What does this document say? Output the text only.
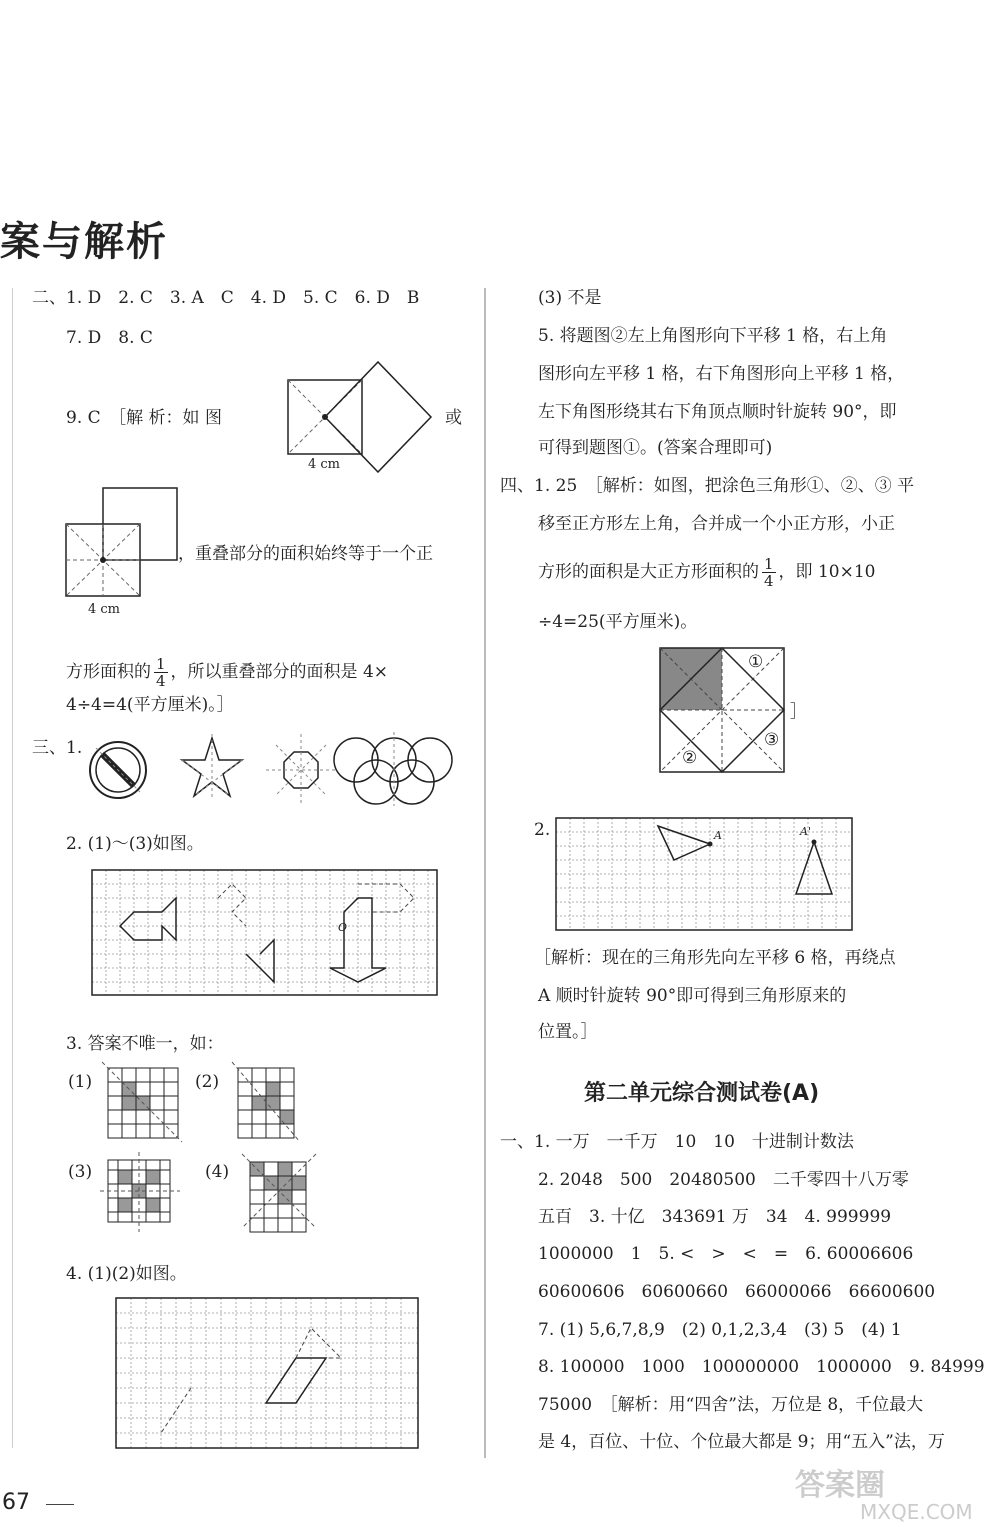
案与解析
二、1. D　2. C　3. A　C　4. D　5. C　6. D　B
7. D　8. C
9. C　［解 析：如 图
4 cm
或
4 cm
，重叠部分的面积始终等于一个正
方形面积的 $\frac{1}{4}$ ，所以重叠部分的面积是 4×
4÷4=4(平方厘米)。］
三、1.
2. (1)～(3)如图。
O
3. 答案不唯一，如：
(1)	(2)
(3)	(4)
4. (1)(2)如图。
(3) 不是
5. 将题图②左上角图形向下平移 1 格，右上角
图形向左平移 1 格，右下角图形向上平移 1 格，
左下角图形绕其右下角顶点顺时针旋转 90°，即
可得到题图①。(答案合理即可)
四、1. 25　［解析：如图，把涂色三角形①、②、③ 平
移至正方形左上角，合并成一个小正方形，小正
方形的面积是大正方形面积的 $\frac{1}{4}$ ，即 10×10
÷4=25(平方厘米)。
①
②
③
］
2.	A	A'
［解析：现在的三角形先向左平移 6 格，再绕点
A 顺时针旋转 90°即可得到三角形原来的
位置。］
第二单元综合测试卷(A)
一、1. 一万　一千万　10　10　十进制计数法
2. 2048　500　20480500　二千零四十八万零
五百　3. 十亿　343691 万　34　4. 999999
1000000　1　5. <　>　<　=　6. 60006606
60600606　60600660　66000066　66600600
7. (1) 5,6,7,8,9　(2) 0,1,2,3,4　(3) 5　(4) 1
8. 100000　1000　100000000　1000000　9. 84999
75000　［解析：用“四舍”法，万位是 8，千位最大
是 4，百位、十位、个位最大都是 9；用“五入”法，万
67	答案圈
MXQE.COM
